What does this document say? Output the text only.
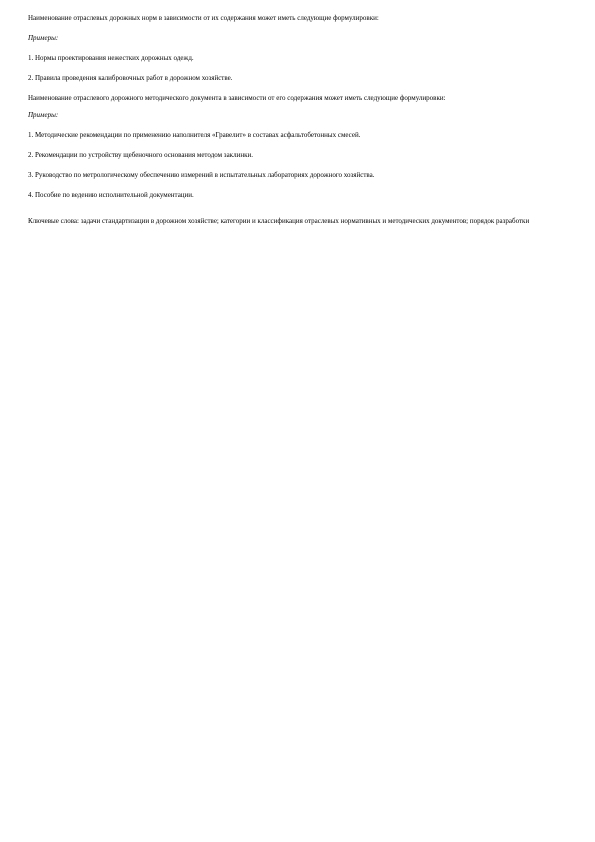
Наименование отраслевых дорожных норм в зависимости от их содержания может иметь следующие формулировки:

Примеры:

1. Нормы проектирования нежестких дорожных одежд.
2. Правила проведения калибровочных работ в дорожном хозяйстве.

Наименование отраслевого дорожного методического документа в зависимости от его содержания может иметь следующие формулировки:

Примеры:

1. Методические рекомендации по применению наполнителя «Гравелит» в составах асфальтобетонных смесей.
2. Рекомендации по устройству щебеночного основания методом заклинки.
3. Руководство по метрологическому обеспечению измерений в испытательных лабораториях дорожного хозяйства.
4. Пособие по ведению исполнительной документации.

Ключевые слова: задачи стандартизации в дорожном хозяйстве; категории и классификация отраслевых нормативных и методических документов; порядок разработки
